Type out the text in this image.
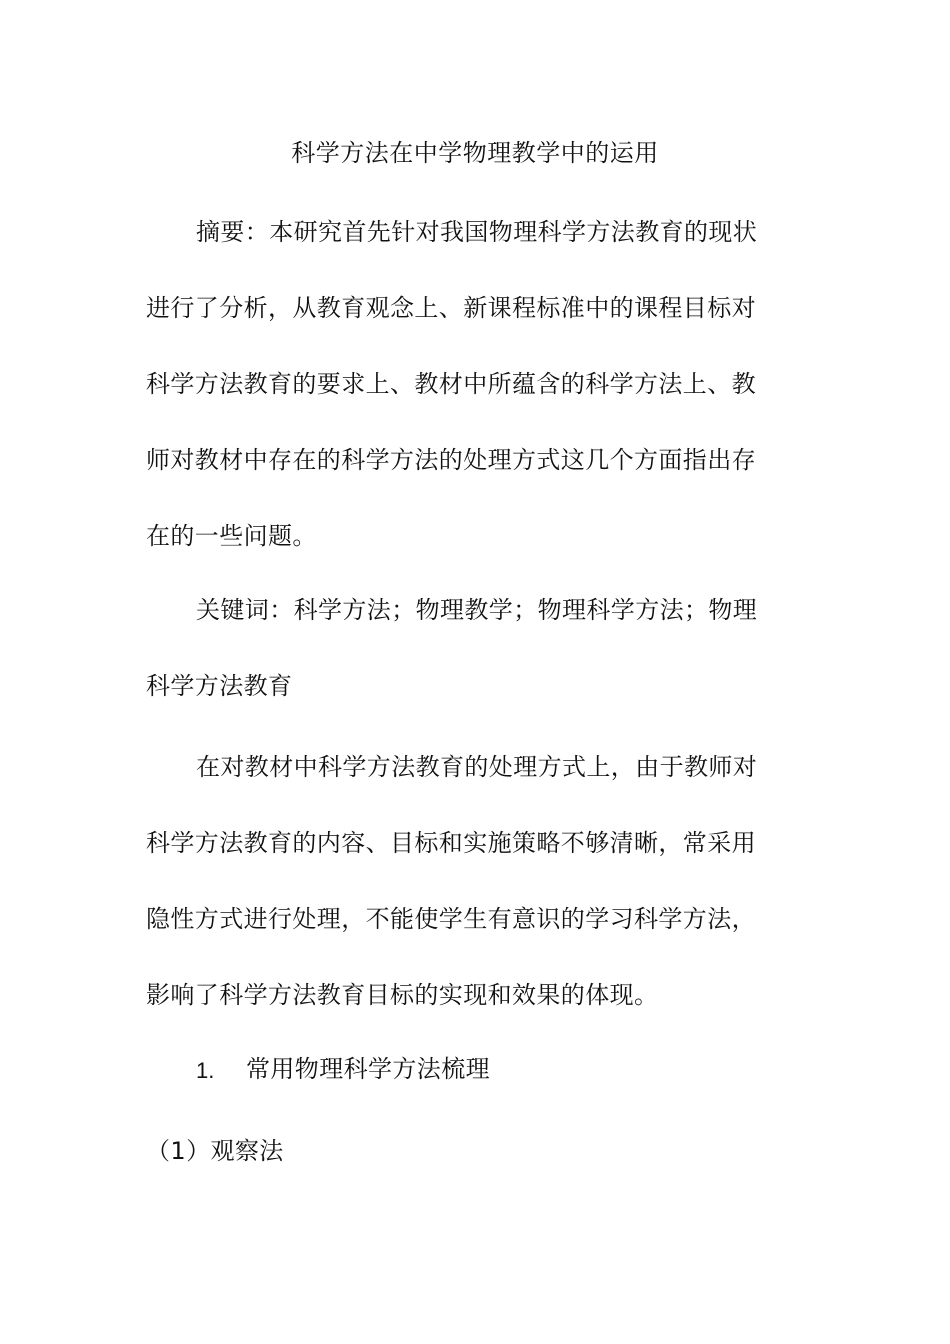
科学方法在中学物理教学中的运用
摘要：本研究首先针对我国物理科学方法教育的现状
进行了分析，从教育观念上、新课程标准中的课程目标对
科学方法教育的要求上、教材中所蕴含的科学方法上、教
师对教材中存在的科学方法的处理方式这几个方面指出存
在的一些问题。
关键词：科学方法；物理教学；物理科学方法；物理
科学方法教育
在对教材中科学方法教育的处理方式上，由于教师对
科学方法教育的内容、目标和实施策略不够清晰，常采用
隐性方式进行处理，不能使学生有意识的学习科学方法，
影响了科学方法教育目标的实现和效果的体现。
1. 常用物理科学方法梳理
（1）观察法
